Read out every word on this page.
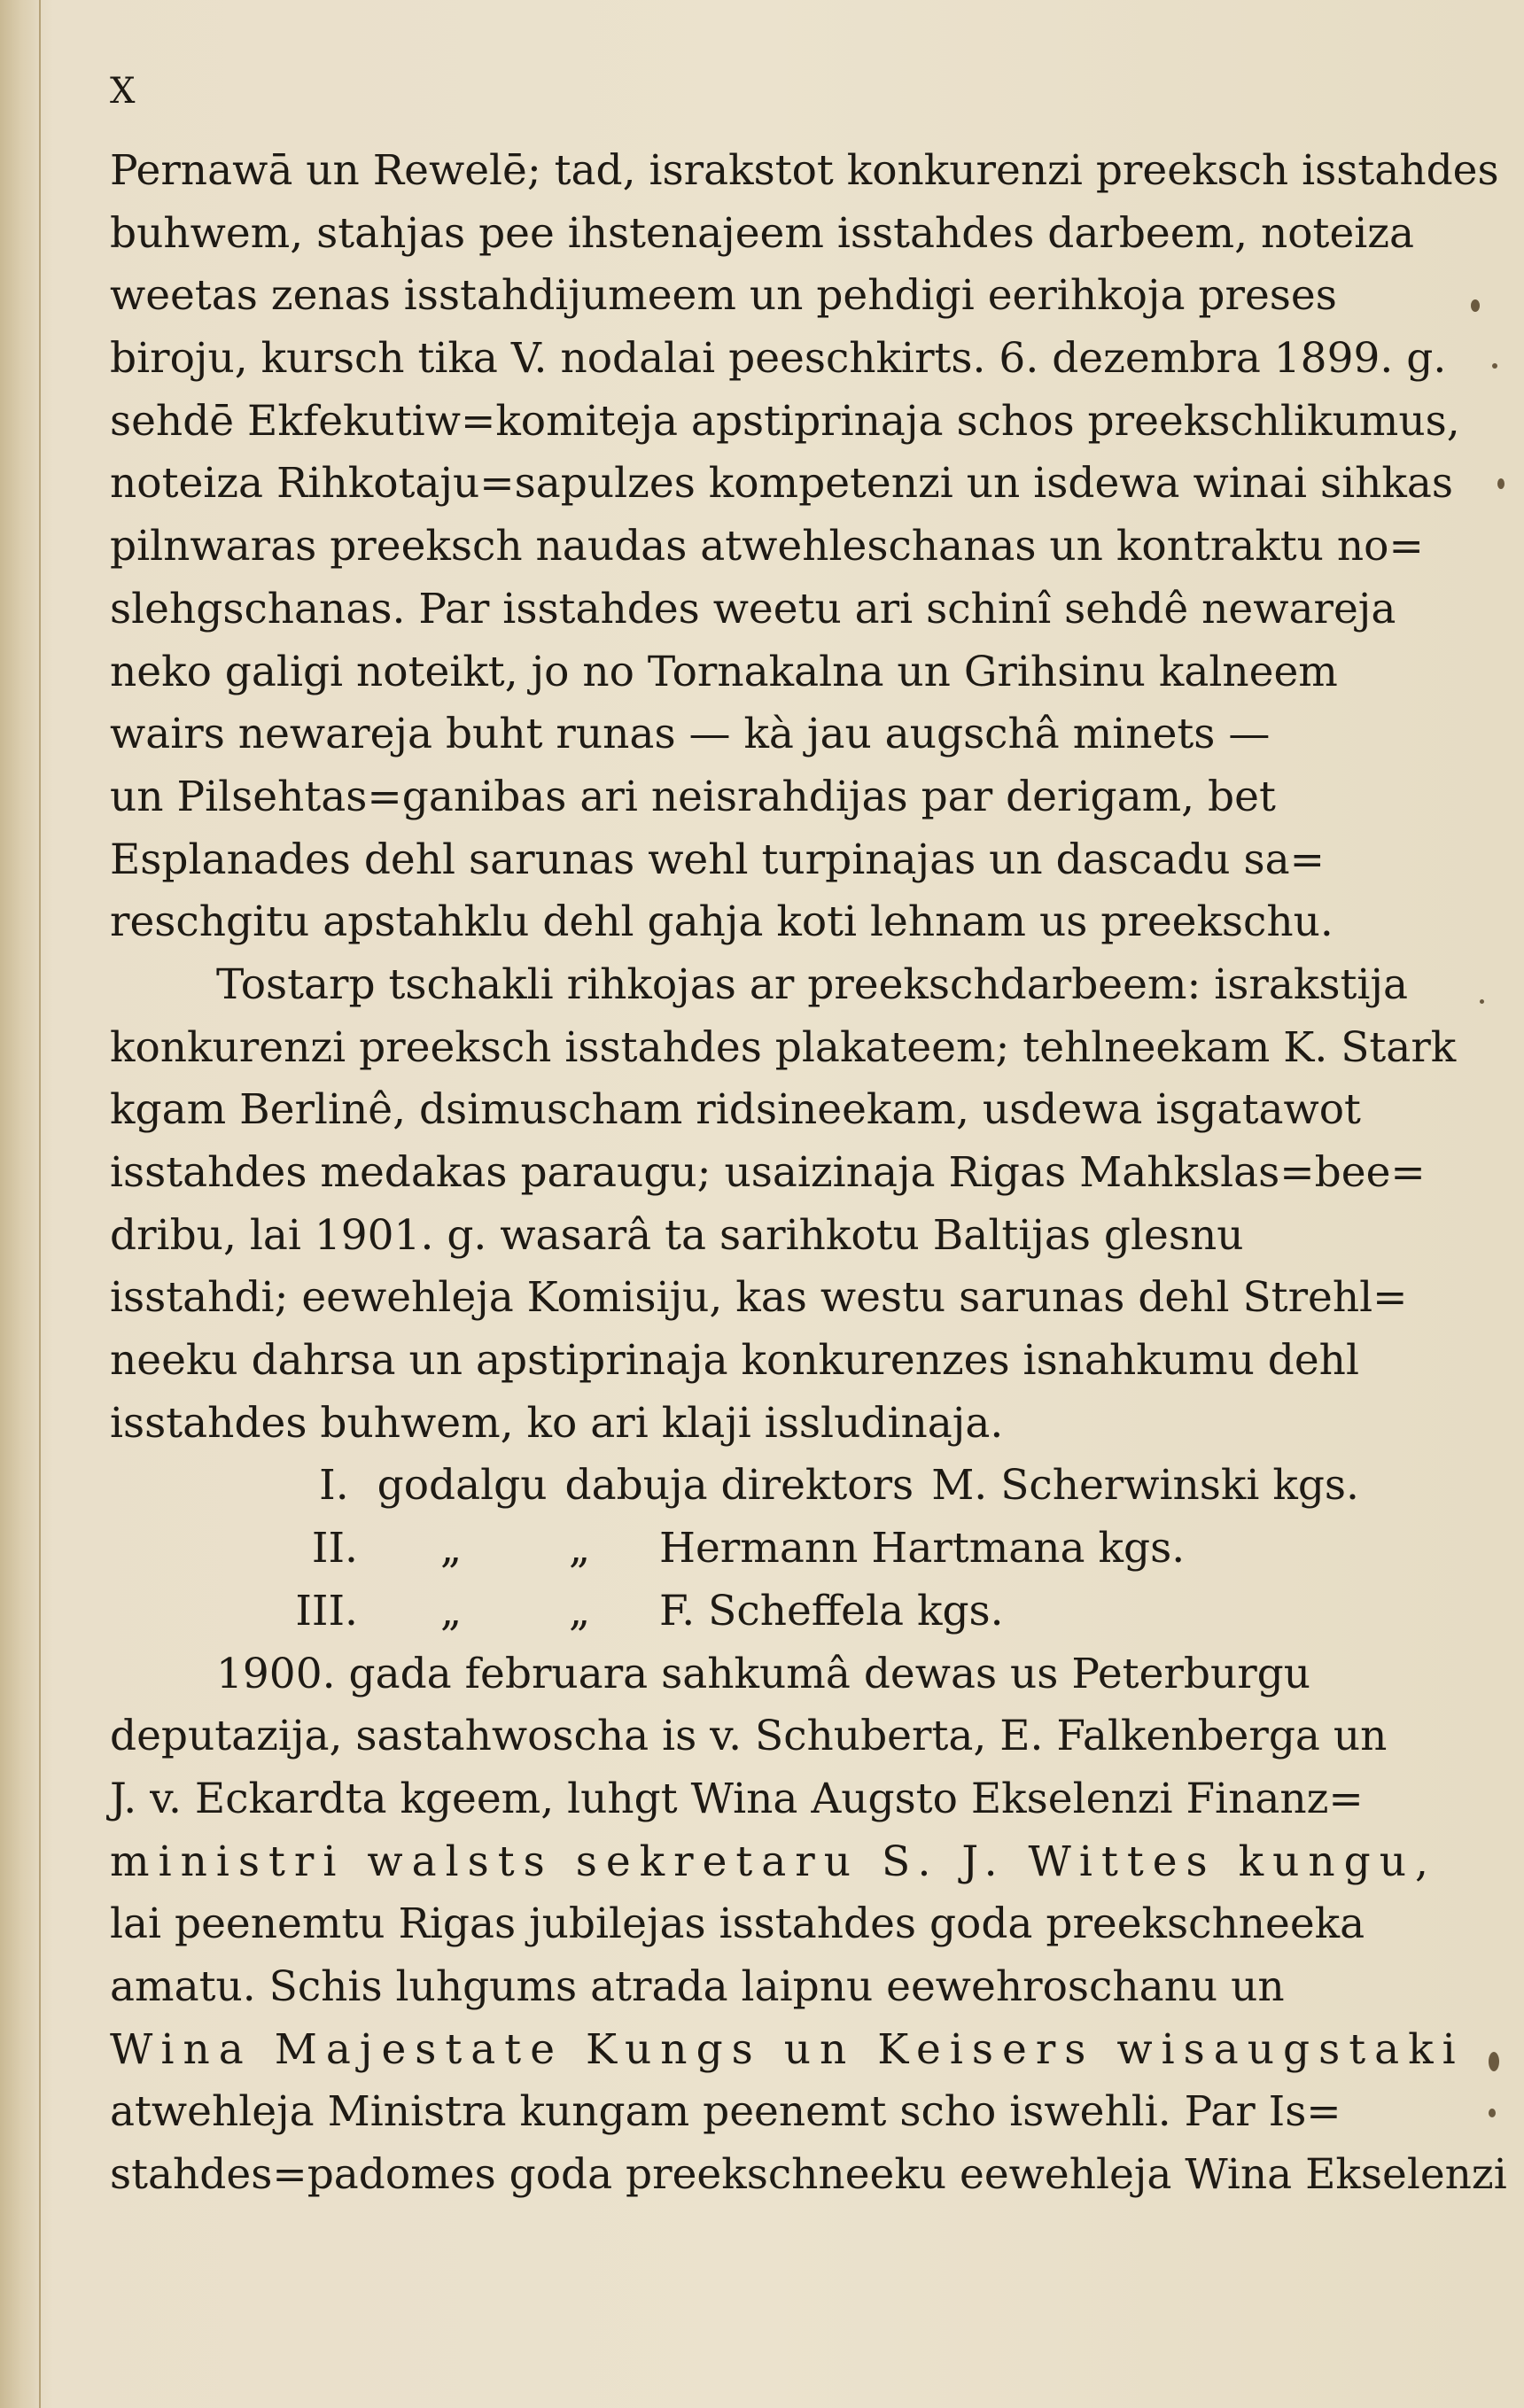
X
Pernawā un Rewelē; tad, israkstot konkurenzi preeksch isstahdes
buhwem, stahjas pee ihstenajeem isstahdes darbeem, noteiza
weetas zenas isstahdijumeem un pehdigi eerihkoja preses
biroju, kursch tika V. nodalai peeschkirts. 6. dezembra 1899. g.
sehdē Ekfekutiw=komiteja apstiprinaja schos preekschlikumus,
noteiza Rihkotaju=sapulzes kompetenzi un isdewa winai sihkas
pilnwaras preeksch naudas atwehleschanas un kontraktu no=
slehgschanas. Par isstahdes weetu ari schinî sehdê newareja
neko galigi noteikt, jo no Tornakalna un Grihsinu kalneem
wairs newareja buht runas — kà jau augschâ minets —
un Pilsehtas=ganibas ari neisrahdijas par derigam, bet
Esplanades dehl sarunas wehl turpinajas un dascadu sa=
reschgitu apstahklu dehl gahja koti lehnam us preekschu.
Tostarp tschakli rihkojas ar preekschdarbeem: israkstija
konkurenzi preeksch isstahdes plakateem; tehlneekam K. Stark
kgam Berlinê, dsimuscham ridsineekam, usdewa isgatawot
isstahdes medakas paraugu; usaizinaja Rigas Mahkslas=bee=
dribu, lai 1901. g. wasarâ ta sarihkotu Baltijas glesnu
isstahdi; eewehleja Komisiju, kas westu sarunas dehl Strehl=
neeku dahrsa un apstiprinaja konkurenzes isnahkumu dehl
isstahdes buhwem, ko ari klaji issludinaja.
I. godalgu dabuja direktors M. Scherwinski kgs.
II.	„	„	Hermann Hartmana kgs.
III.	„	„	F. Scheffela kgs.
1900. gada februara sahkumâ dewas us Peterburgu
deputazija, sastahwoscha is v. Schuberta, E. Falkenberga un
J. v. Eckardta kgeem, luhgt Wina Augsto Ekselenzi Finanz=
ministri walsts sekretaru S. J. Wittes kungu,
lai peenemtu Rigas jubilejas isstahdes goda preekschneeka
amatu. Schis luhgums atrada laipnu eewehroschanu un
Wina Majestate Kungs un Keisers wisaugstaki
atwehleja Ministra kungam peenemt scho iswehli. Par Is=
stahdes=padomes goda preekschneeku eewehleja Wina Ekselenzi
